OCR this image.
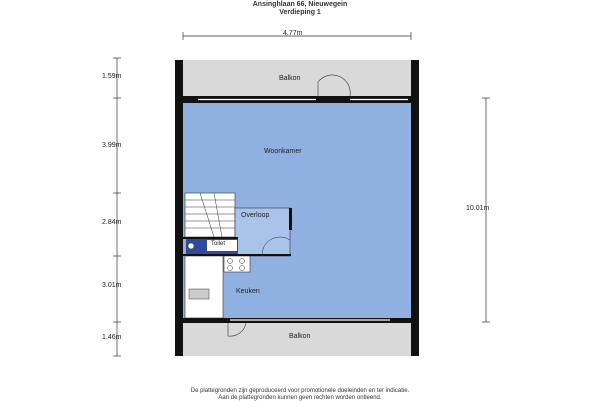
Ansinghlaan 66, Nieuwegein
Verdieping 1
4.77m
1.59m
3.99m
2.84m
3.01m
1.46m
10.01m
Balkon
Woonkamer
Overloop
Toilet
Keuken
Balkon
De plattegronden zijn geproduceerd voor promotionele doeleinden en ter indicatie.
Aan de plattegronden kunnen geen rechten worden ontleend.
